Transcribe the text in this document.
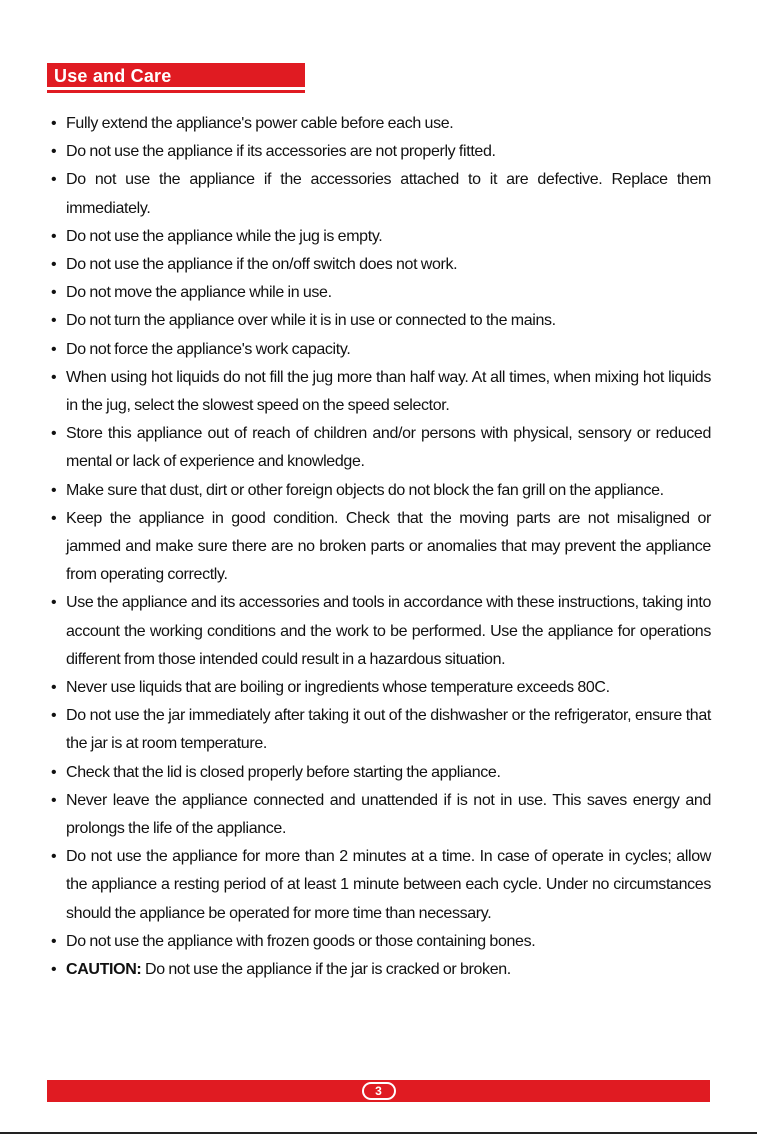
Use and Care
• Fully extend the appliance's power cable before each use.
• Do not use the appliance if its accessories are not properly fitted.
• Do not use the appliance if the accessories attached to it are defective. Replace them immediately.
• Do not use the appliance while the jug is empty.
• Do not use the appliance if the on/off switch does not work.
• Do not move the appliance while in use.
• Do not turn the appliance over while it is in use or connected to the mains.
• Do not force the appliance's work capacity.
• When using hot liquids do not fill the jug more than half way. At all times, when mixing hot liquids in the jug, select the slowest speed on the speed selector.
• Store this appliance out of reach of children and/or persons with physical, sensory or reduced mental or lack of experience and knowledge.
• Make sure that dust, dirt or other foreign objects do not block the fan grill on the appliance.
• Keep the appliance in good condition. Check that the moving parts are not misaligned or jammed and make sure there are no broken parts or anomalies that may prevent the appliance from operating correctly.
• Use the appliance and its accessories and tools in accordance with these instructions, taking into account the working conditions and the work to be performed. Use the appliance for operations different from those intended could result in a hazardous situation.
• Never use liquids that are boiling or ingredients whose temperature exceeds 80C.
• Do not use the jar immediately after taking it out of the dishwasher or the refrigerator, ensure that the jar is at room temperature.
• Check that the lid is closed properly before starting the appliance.
• Never leave the appliance connected and unattended if is not in use. This saves energy and prolongs the life of the appliance.
• Do not use the appliance for more than 2 minutes at a time. In case of operate in cycles; allow the appliance a resting period of at least 1 minute between each cycle. Under no circumstances should the appliance be operated for more time than necessary.
• Do not use the appliance with frozen goods or those containing bones.
• CAUTION: Do not use the appliance if the jar is cracked or broken.
3
